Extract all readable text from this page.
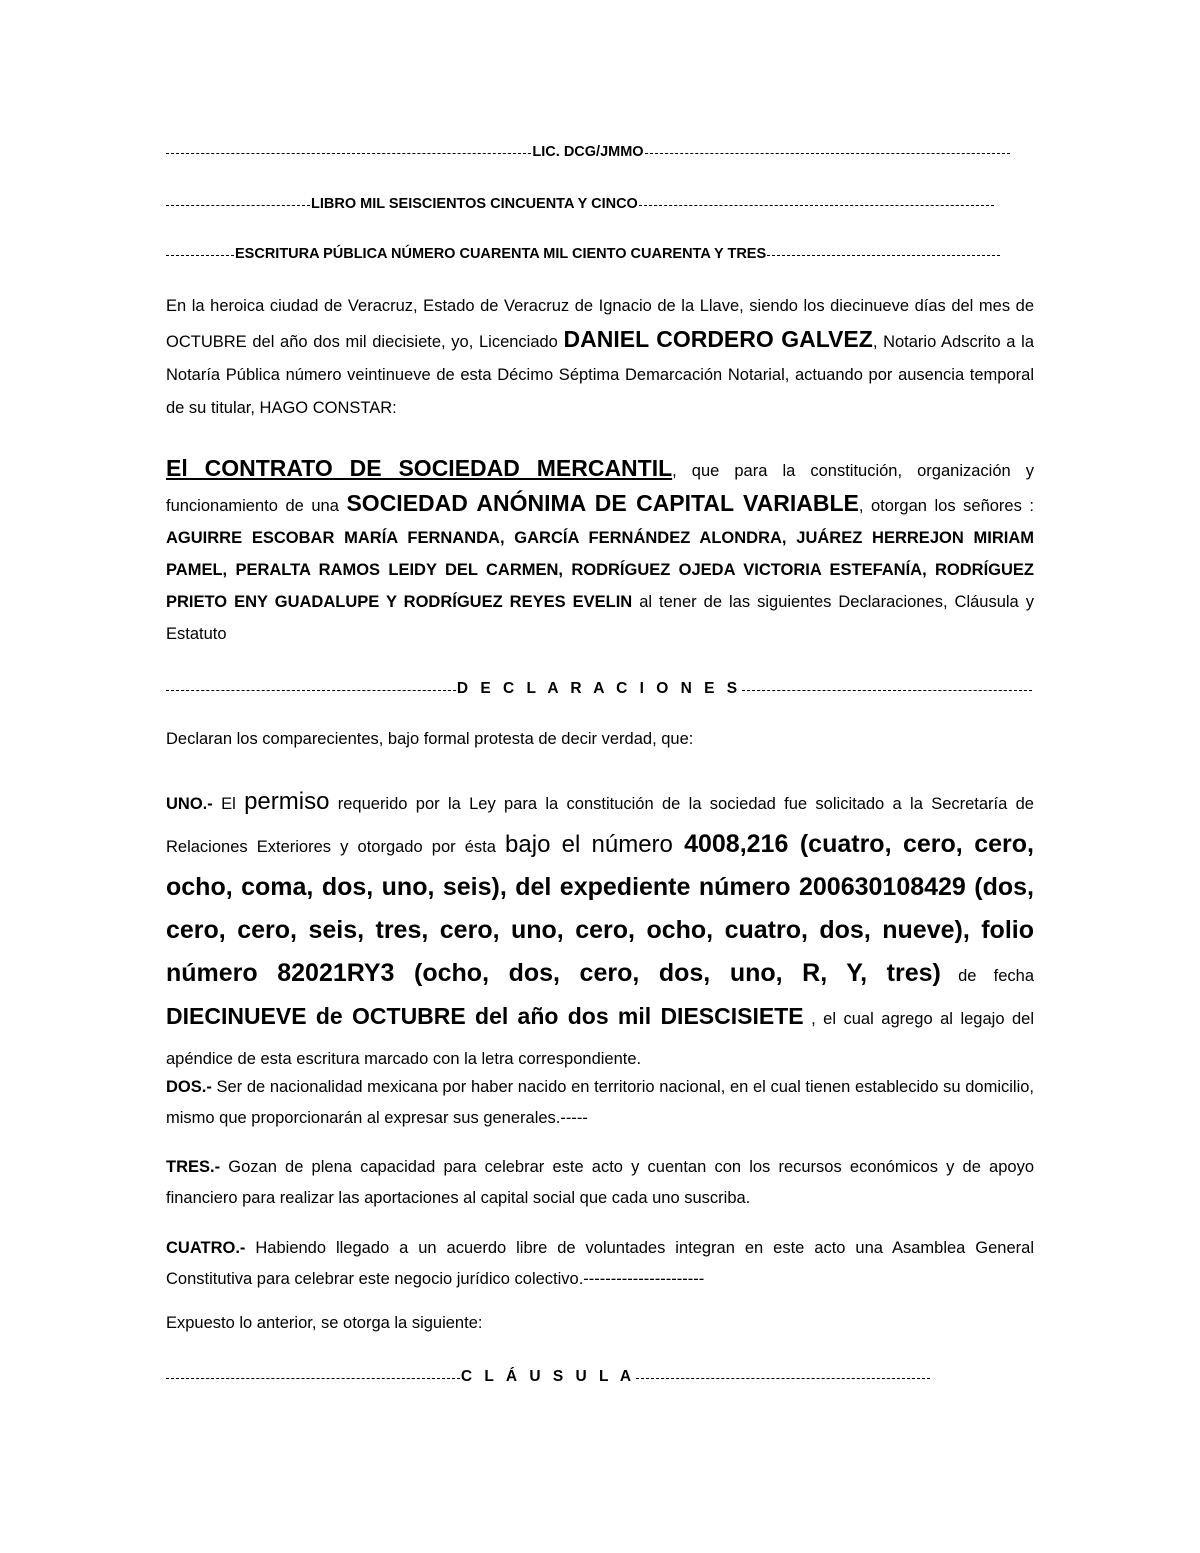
LIC. DCG/JMMO
LIBRO MIL SEISCIENTOS CINCUENTA Y CINCO
ESCRITURA PÚBLICA NÚMERO CUARENTA MIL CIENTO CUARENTA Y TRES

En la heroica ciudad de Veracruz, Estado de Veracruz de Ignacio de la Llave, siendo los diecinueve días del mes de OCTUBRE del año dos mil diecisiete, yo, Licenciado DANIEL CORDERO GALVEZ, Notario Adscrito a la Notaría Pública número veintinueve de esta Décimo Séptima Demarcación Notarial, actuando por ausencia temporal de su titular, HAGO CONSTAR:

El CONTRATO DE SOCIEDAD MERCANTIL, que para la constitución, organización y funcionamiento de una SOCIEDAD ANÓNIMA DE CAPITAL VARIABLE, otorgan los señores : AGUIRRE ESCOBAR MARÍA FERNANDA, GARCÍA FERNÁNDEZ ALONDRA, JUÁREZ HERREJON MIRIAM PAMEL, PERALTA RAMOS LEIDY DEL CARMEN, RODRÍGUEZ OJEDA VICTORIA ESTEFANÍA, RODRÍGUEZ PRIETO ENY GUADALUPE Y RODRÍGUEZ REYES EVELIN al tener de las siguientes Declaraciones, Cláusula y Estatuto

D E C L A R A C I O N E S

Declaran los comparecientes, bajo formal protesta de decir verdad, que:

UNO.- El permiso requerido por la Ley para la constitución de la sociedad fue solicitado a la Secretaría de Relaciones Exteriores y otorgado por ésta bajo el número 4008,216 (cuatro, cero, cero, ocho, coma, dos, uno, seis), del expediente número 200630108429 (dos, cero, cero, seis, tres, cero, uno, cero, ocho, cuatro, dos, nueve), folio número 82021RY3 (ocho, dos, cero, dos, uno, R, Y, tres) de fecha DIECINUEVE de OCTUBRE del año dos mil DIESCISIETE , el cual agrego al legajo del apéndice de esta escritura marcado con la letra correspondiente.

DOS.- Ser de nacionalidad mexicana por haber nacido en territorio nacional, en el cual tienen establecido su domicilio, mismo que proporcionarán al expresar sus generales.-----

TRES.- Gozan de plena capacidad para celebrar este acto y cuentan con los recursos económicos y de apoyo financiero para realizar las aportaciones al capital social que cada uno suscriba.

CUATRO.- Habiendo llegado a un acuerdo libre de voluntades integran en este acto una Asamblea General Constitutiva para celebrar este negocio jurídico colectivo.----------------------

Expuesto lo anterior, se otorga la siguiente:

C L Á U S U L A
